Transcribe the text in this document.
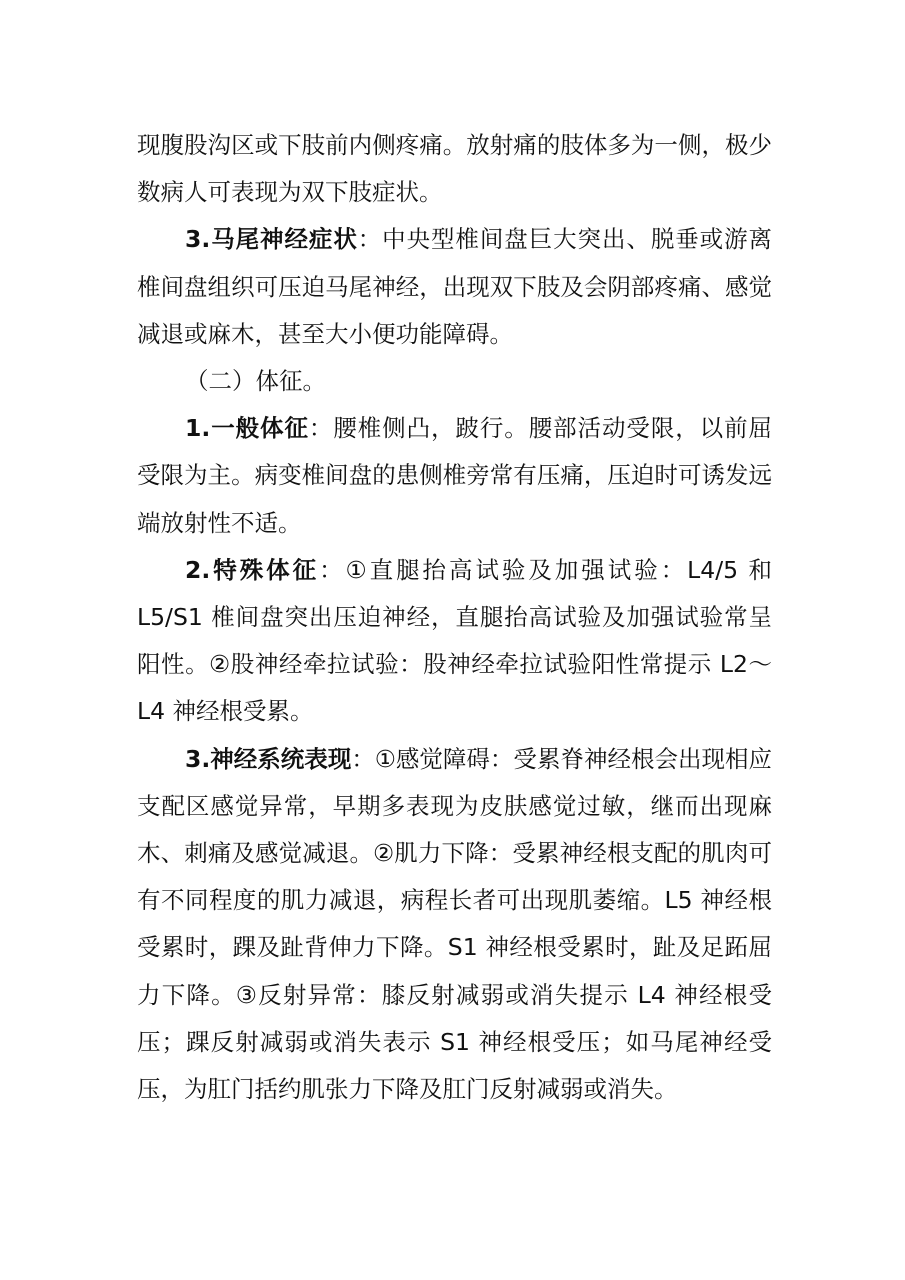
现腹股沟区或下肢前内侧疼痛。放射痛的肢体多为一侧，极少数病人可表现为双下肢症状。

3.马尾神经症状：中央型椎间盘巨大突出、脱垂或游离椎间盘组织可压迫马尾神经，出现双下肢及会阴部疼痛、感觉减退或麻木，甚至大小便功能障碍。

（二）体征。

1.一般体征：腰椎侧凸，跛行。腰部活动受限，以前屈受限为主。病变椎间盘的患侧椎旁常有压痛，压迫时可诱发远端放射性不适。

2.特殊体征：①直腿抬高试验及加强试验：L4/5 和 L5/S1 椎间盘突出压迫神经，直腿抬高试验及加强试验常呈阳性。②股神经牵拉试验：股神经牵拉试验阳性常提示 L2～L4 神经根受累。

3.神经系统表现：①感觉障碍：受累脊神经根会出现相应支配区感觉异常，早期多表现为皮肤感觉过敏，继而出现麻木、刺痛及感觉减退。②肌力下降：受累神经根支配的肌肉可有不同程度的肌力减退，病程长者可出现肌萎缩。L5 神经根受累时，踝及趾背伸力下降。S1 神经根受累时，趾及足跖屈力下降。③反射异常：膝反射减弱或消失提示 L4 神经根受压；踝反射减弱或消失表示 S1 神经根受压；如马尾神经受压，为肛门括约肌张力下降及肛门反射减弱或消失。
